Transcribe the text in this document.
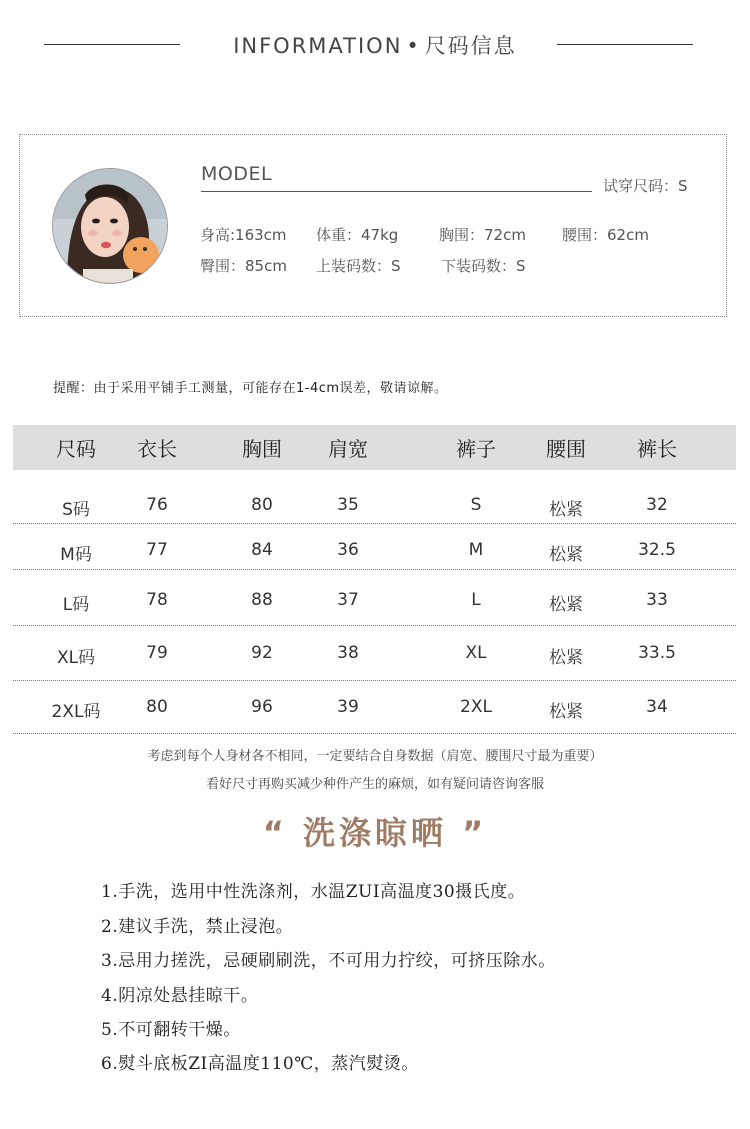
INFORMATION • 尺码信息
MODEL
试穿尺码：S
身高:163cm 体重：47kg	胸围：72cm 腰围：62cm
臀围：85cm 上装码数：S	下装码数：S
提醒：由于采用平铺手工测量，可能存在1-4cm误差，敬请谅解。
尺码	衣长	胸围	肩宽	裤子	腰围	裤长
S码	76	80	35	S	松紧	32
M码	77	84	36	M	松紧	32.5
L码	78	88	37	L	松紧	33
XL码	79	92	38	XL	松紧	33.5
2XL码	80	96	39	2XL	松紧	34
考虑到每个人身材各不相同，一定要结合自身数据（肩宽、腰围尺寸最为重要）
看好尺寸再购买减少种件产生的麻烦，如有疑问请咨询客服
“ 洗涤晾晒 ”
1.手洗，选用中性洗涤剂，水温ZUI高温度30摄氏度。
2.建议手洗，禁止浸泡。
3.忌用力搓洗，忌硬刷刷洗，不可用力拧绞，可挤压除水。
4.阴凉处悬挂晾干。
5.不可翻转干燥。
6.熨斗底板ZI高温度110℃，蒸汽熨烫。
